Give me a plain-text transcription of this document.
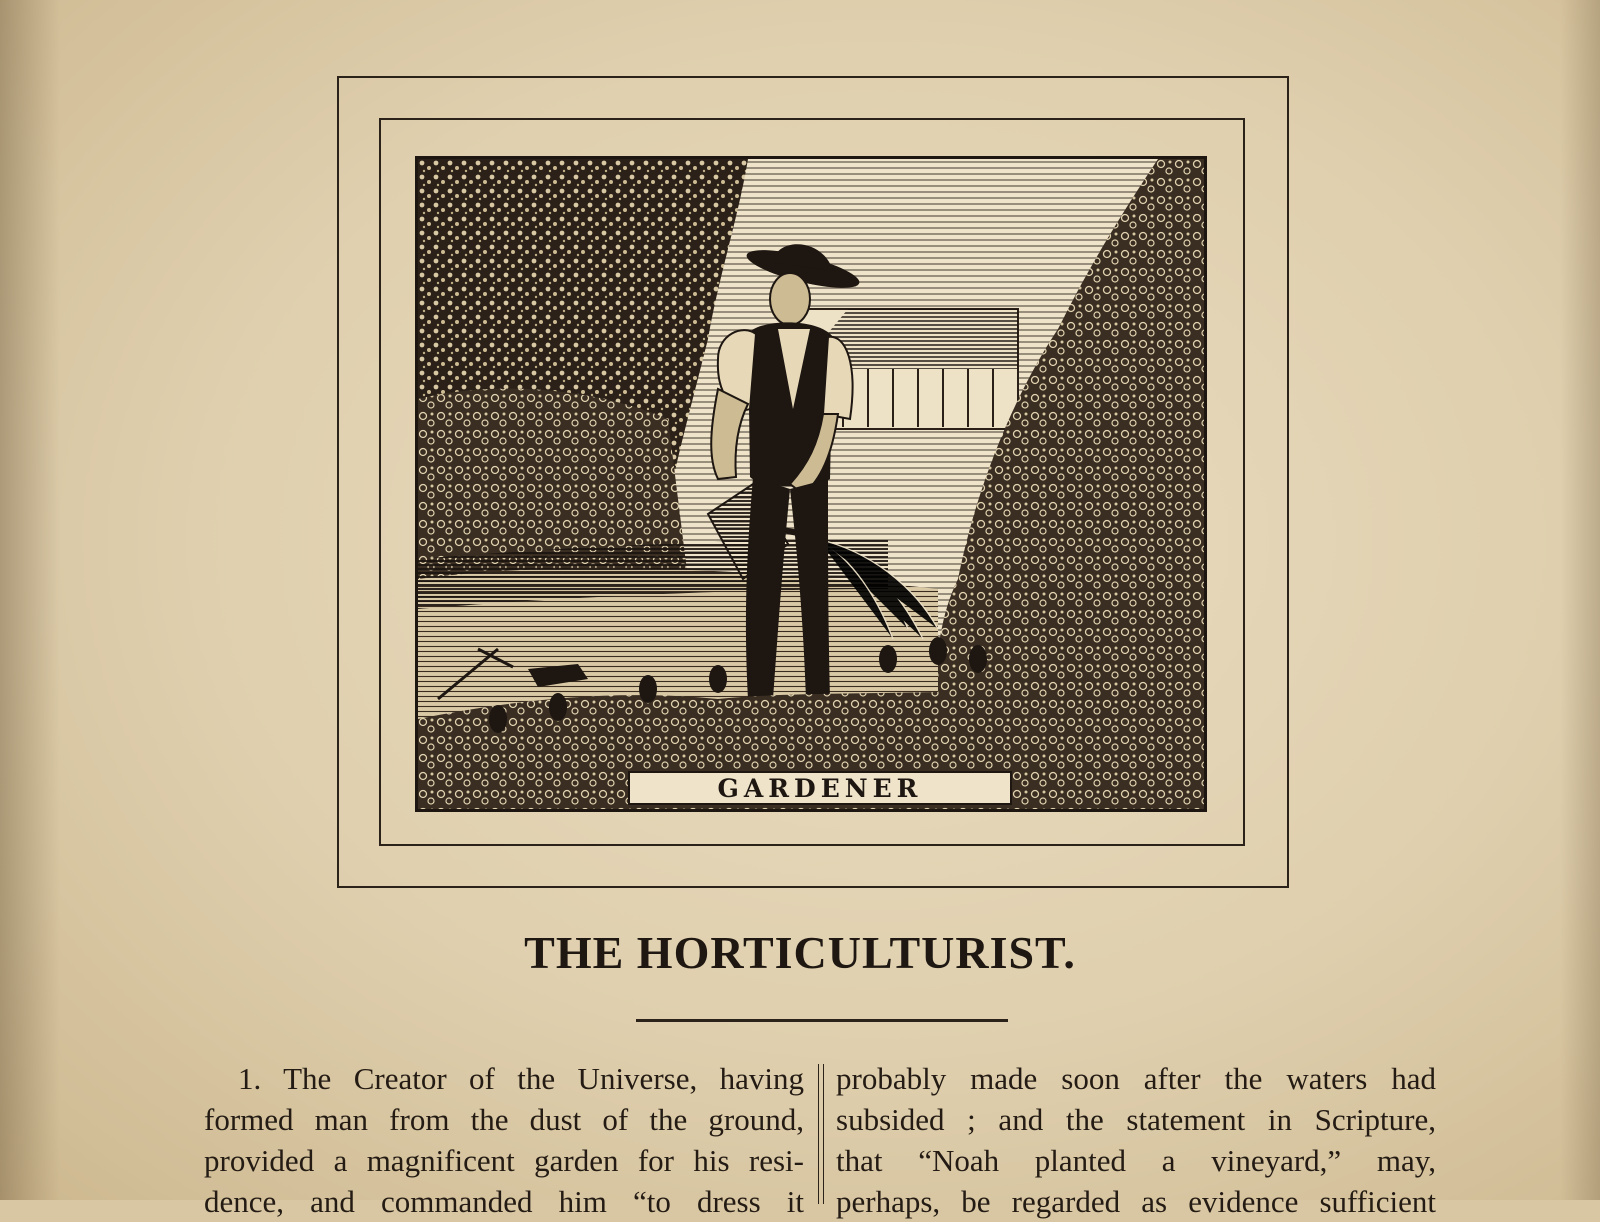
GARDENER
THE HORTICULTURIST.
1. The Creator of the Universe, having
formed man from the dust of the ground,
provided a magnificent garden for his resi-
dence, and commanded him “to dress it
probably made soon after the waters had
subsided ; and the statement in Scripture,
that “Noah planted a vineyard,” may,
perhaps, be regarded as evidence sufficient
